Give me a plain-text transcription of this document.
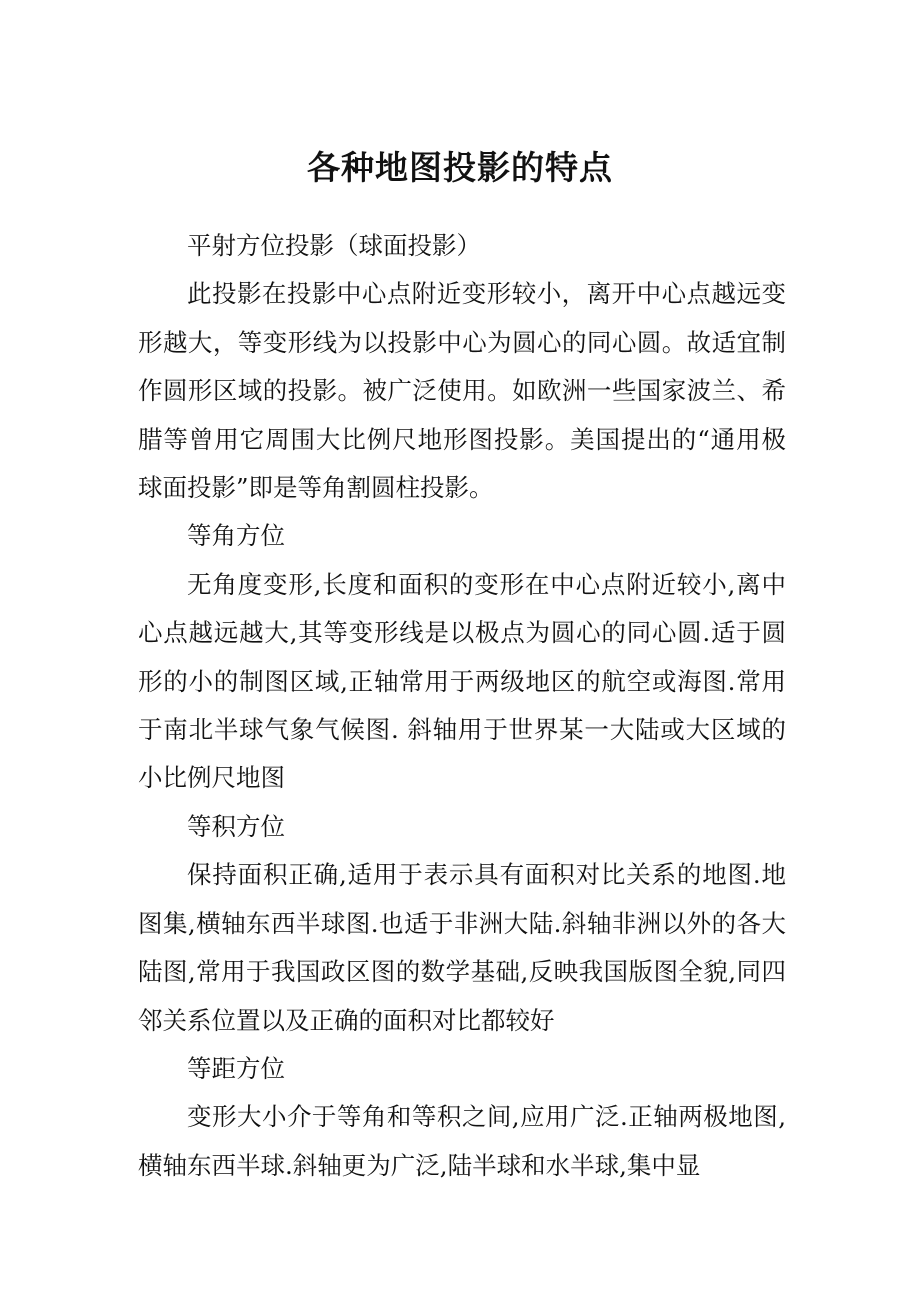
各种地图投影的特点

平射方位投影（球面投影）

此投影在投影中心点附近变形较小，离开中心点越远变形越大，等变形线为以投影中心为圆心的同心圆。故适宜制作圆形区域的投影。被广泛使用。如欧洲一些国家波兰、希腊等曾用它周围大比例尺地形图投影。美国提出的“通用极球面投影”即是等角割圆柱投影。

等角方位

无角度变形,长度和面积的变形在中心点附近较小,离中心点越远越大,其等变形线是以极点为圆心的同心圆.适于圆形的小的制图区域,正轴常用于两级地区的航空或海图.常用于南北半球气象气候图. 斜轴用于世界某一大陆或大区域的小比例尺地图

等积方位

保持面积正确,适用于表示具有面积对比关系的地图.地图集,横轴东西半球图.也适于非洲大陆.斜轴非洲以外的各大陆图,常用于我国政区图的数学基础,反映我国版图全貌,同四邻关系位置以及正确的面积对比都较好

等距方位

变形大小介于等角和等积之间,应用广泛.正轴两极地图,横轴东西半球.斜轴更为广泛,陆半球和水半球,集中显
